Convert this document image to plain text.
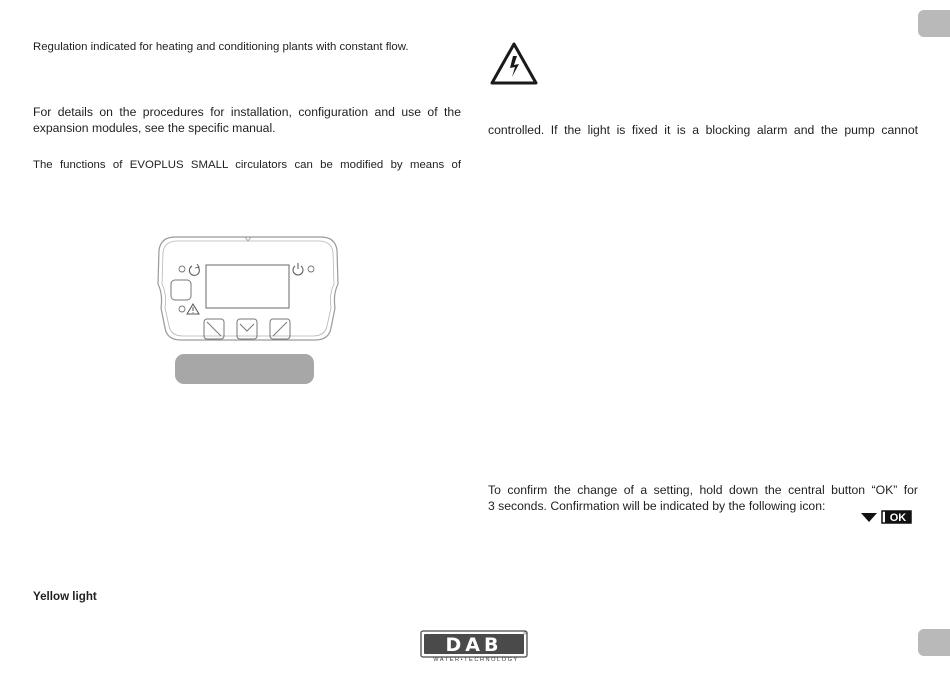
Regulation indicated for heating and conditioning plants with constant flow.

For details on the procedures for installation, configuration and use of the

expansion modules, see the specific manual.

The functions of EVOPLUS SMALL circulators can be modified by means of

Yellow light

controlled. If the light is fixed it is a blocking alarm and the pump cannot

To confirm the change of a setting, hold down the central button “OK” for

3 seconds. Confirmation will be indicated by the following icon:

OK
DAB
WATER•TECHNOLOGY
